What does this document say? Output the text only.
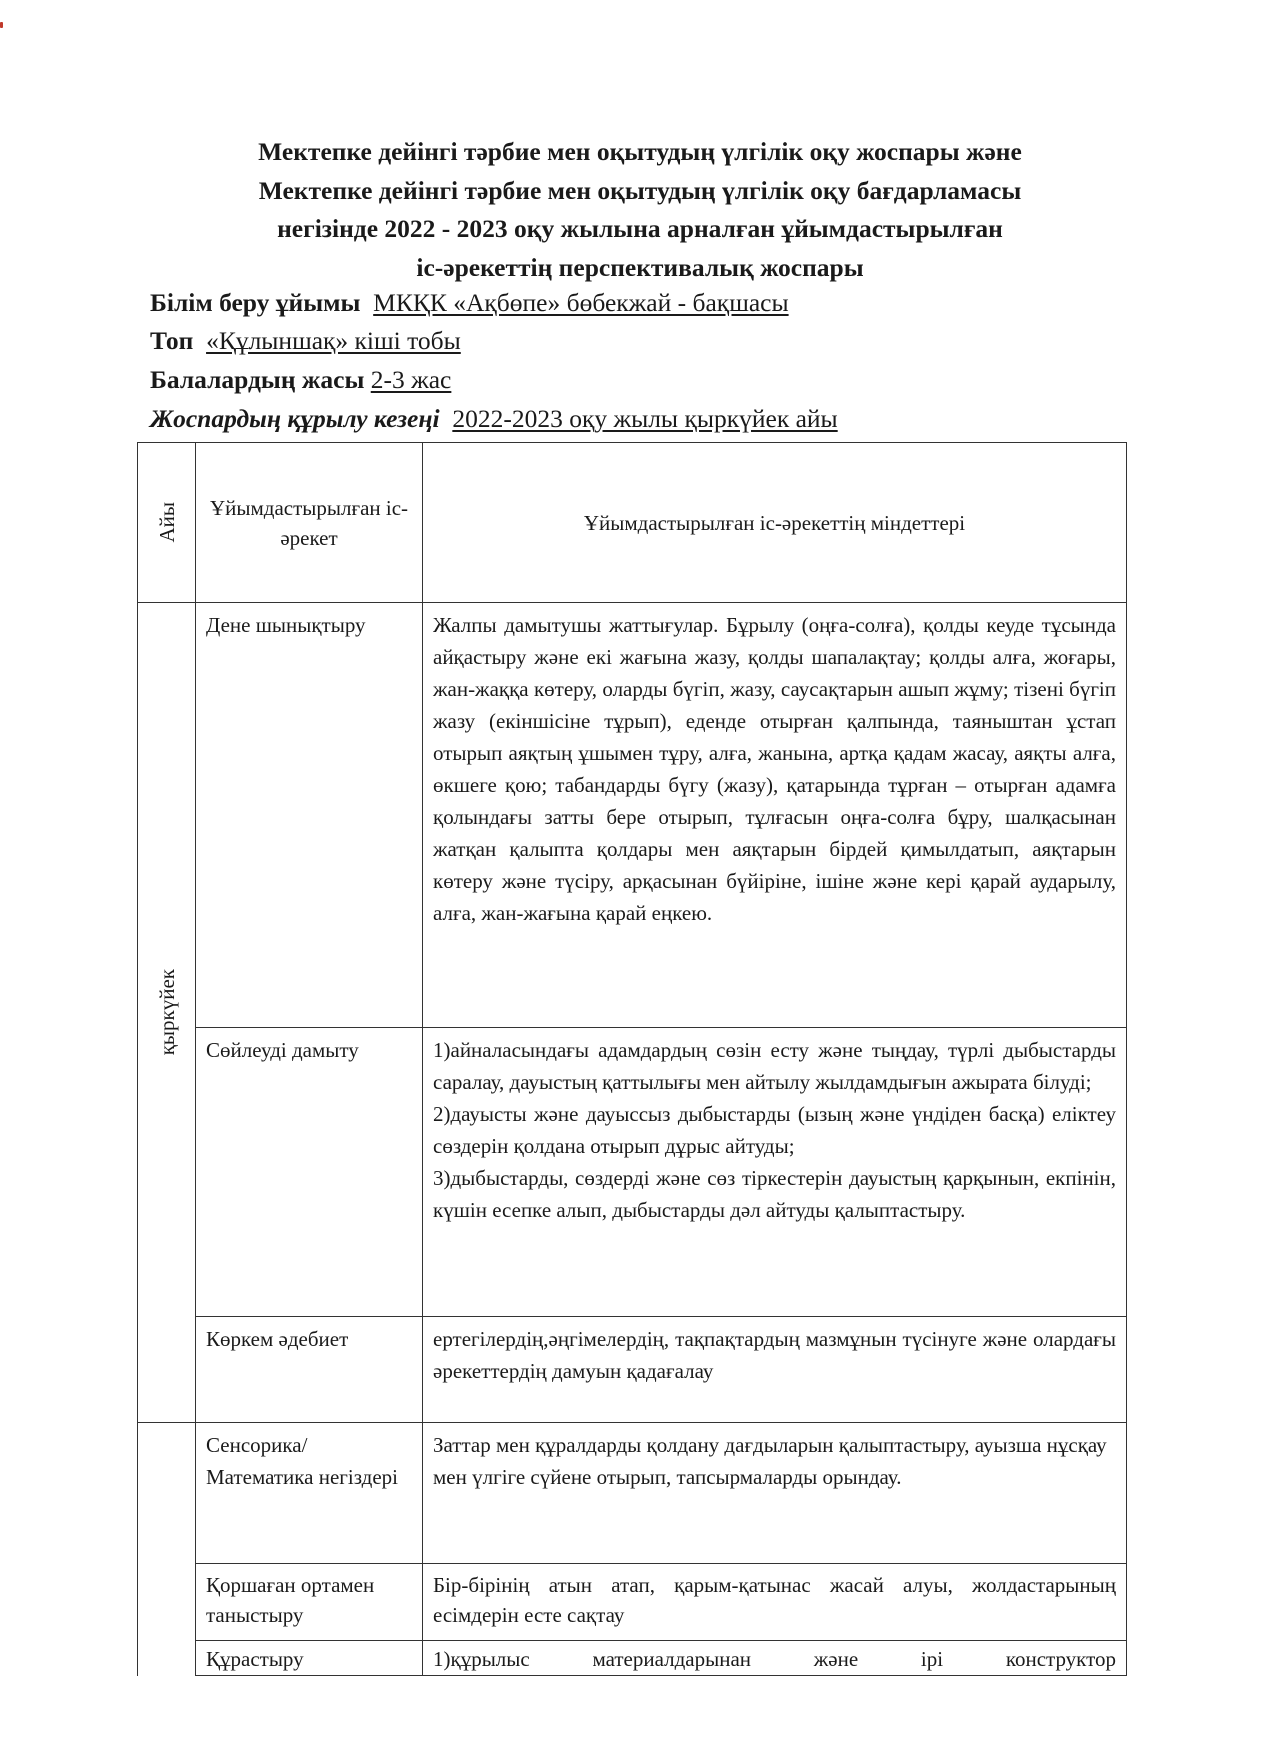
Мектепке дейінгі тәрбие мен оқытудың үлгілік оқу жоспары және
Мектепке дейінгі тәрбие мен оқытудың үлгілік оқу бағдарламасы
негізінде 2022 - 2023 оқу жылына арналған ұйымдастырылған
іс-әрекеттің перспективалық жоспары
Білім беру ұйымы МКҚК «Ақбөпе» бөбекжай - бақшасы
Топ «Құлыншақ» кіші тобы
Балалардың жасы 2-3 жас
Жоспардың құрылу кезеңі 2022-2023 оқу жылы қыркүйек айы
Айы	Ұйымдастырылған іс-әрекет	Ұйымдастырылған іс-әрекеттің міндеттері

қыркүйек	Дене шынықтыру	Жалпы дамытушы жаттығулар. Бұрылу (оңға-солға), қолды кеуде тұсында айқастыру және екі жағына жазу, қолды шапалақтау; қолды алға, жоғары, жан-жаққа көтеру, оларды бүгіп, жазу, саусақтарын ашып жұму; тізені бүгіп жазу (екіншісіне тұрып), еденде отырған қалпында, таяныштан ұстап отырып аяқтың ұшымен тұру, алға, жанына, артқа қадам жасау, аяқты алға, өкшеге қою; табандарды бүгу (жазу), қатарында тұрған – отырған адамға қолындағы затты бере отырып, тұлғасын оңға-солға бұру, шалқасынан жатқан қалыпта қолдары мен аяқтарын бірдей қимылдатып, аяқтарын көтеру және түсіру, арқасынан бүйіріне, ішіне және кері қарай аударылу, алға, жан-жағына қарай еңкею.
	Сөйлеуді дамыту	1)айналасындағы адамдардың сөзін есту және тыңдау, түрлі дыбыстарды саралау, дауыстың қаттылығы мен айтылу жылдамдығын ажырата білуді;
2)дауысты және дауыссыз дыбыстарды (ызың және үндіден басқа) еліктеу сөздерін қолдана отырып дұрыс айтуды;
3)дыбыстарды, сөздерді және сөз тіркестерін дауыстың қарқынын, екпінін, күшін есепке алып, дыбыстарды дәл айтуды қалыптастыру.

	Көркем әдебиет	ертегілердің,әңгімелердің, тақпақтардың мазмұнын түсінуге және олардағы әрекеттердің дамуын қадағалау
	Сенсорика/ Математика негіздері	Заттар мен құралдарды қолдану дағдыларын қалыптастыру, ауызша нұсқау мен үлгіге сүйене отырып, тапсырмаларды орындау.
	Қоршаған ортамен таныстыру	Бір-бірінің атын атап, қарым-қатынас жасай алуы, жолдастарының есімдерін есте сақтау
	Құрастыру	1)құрылыс материалдарынан және ірі конструктор
